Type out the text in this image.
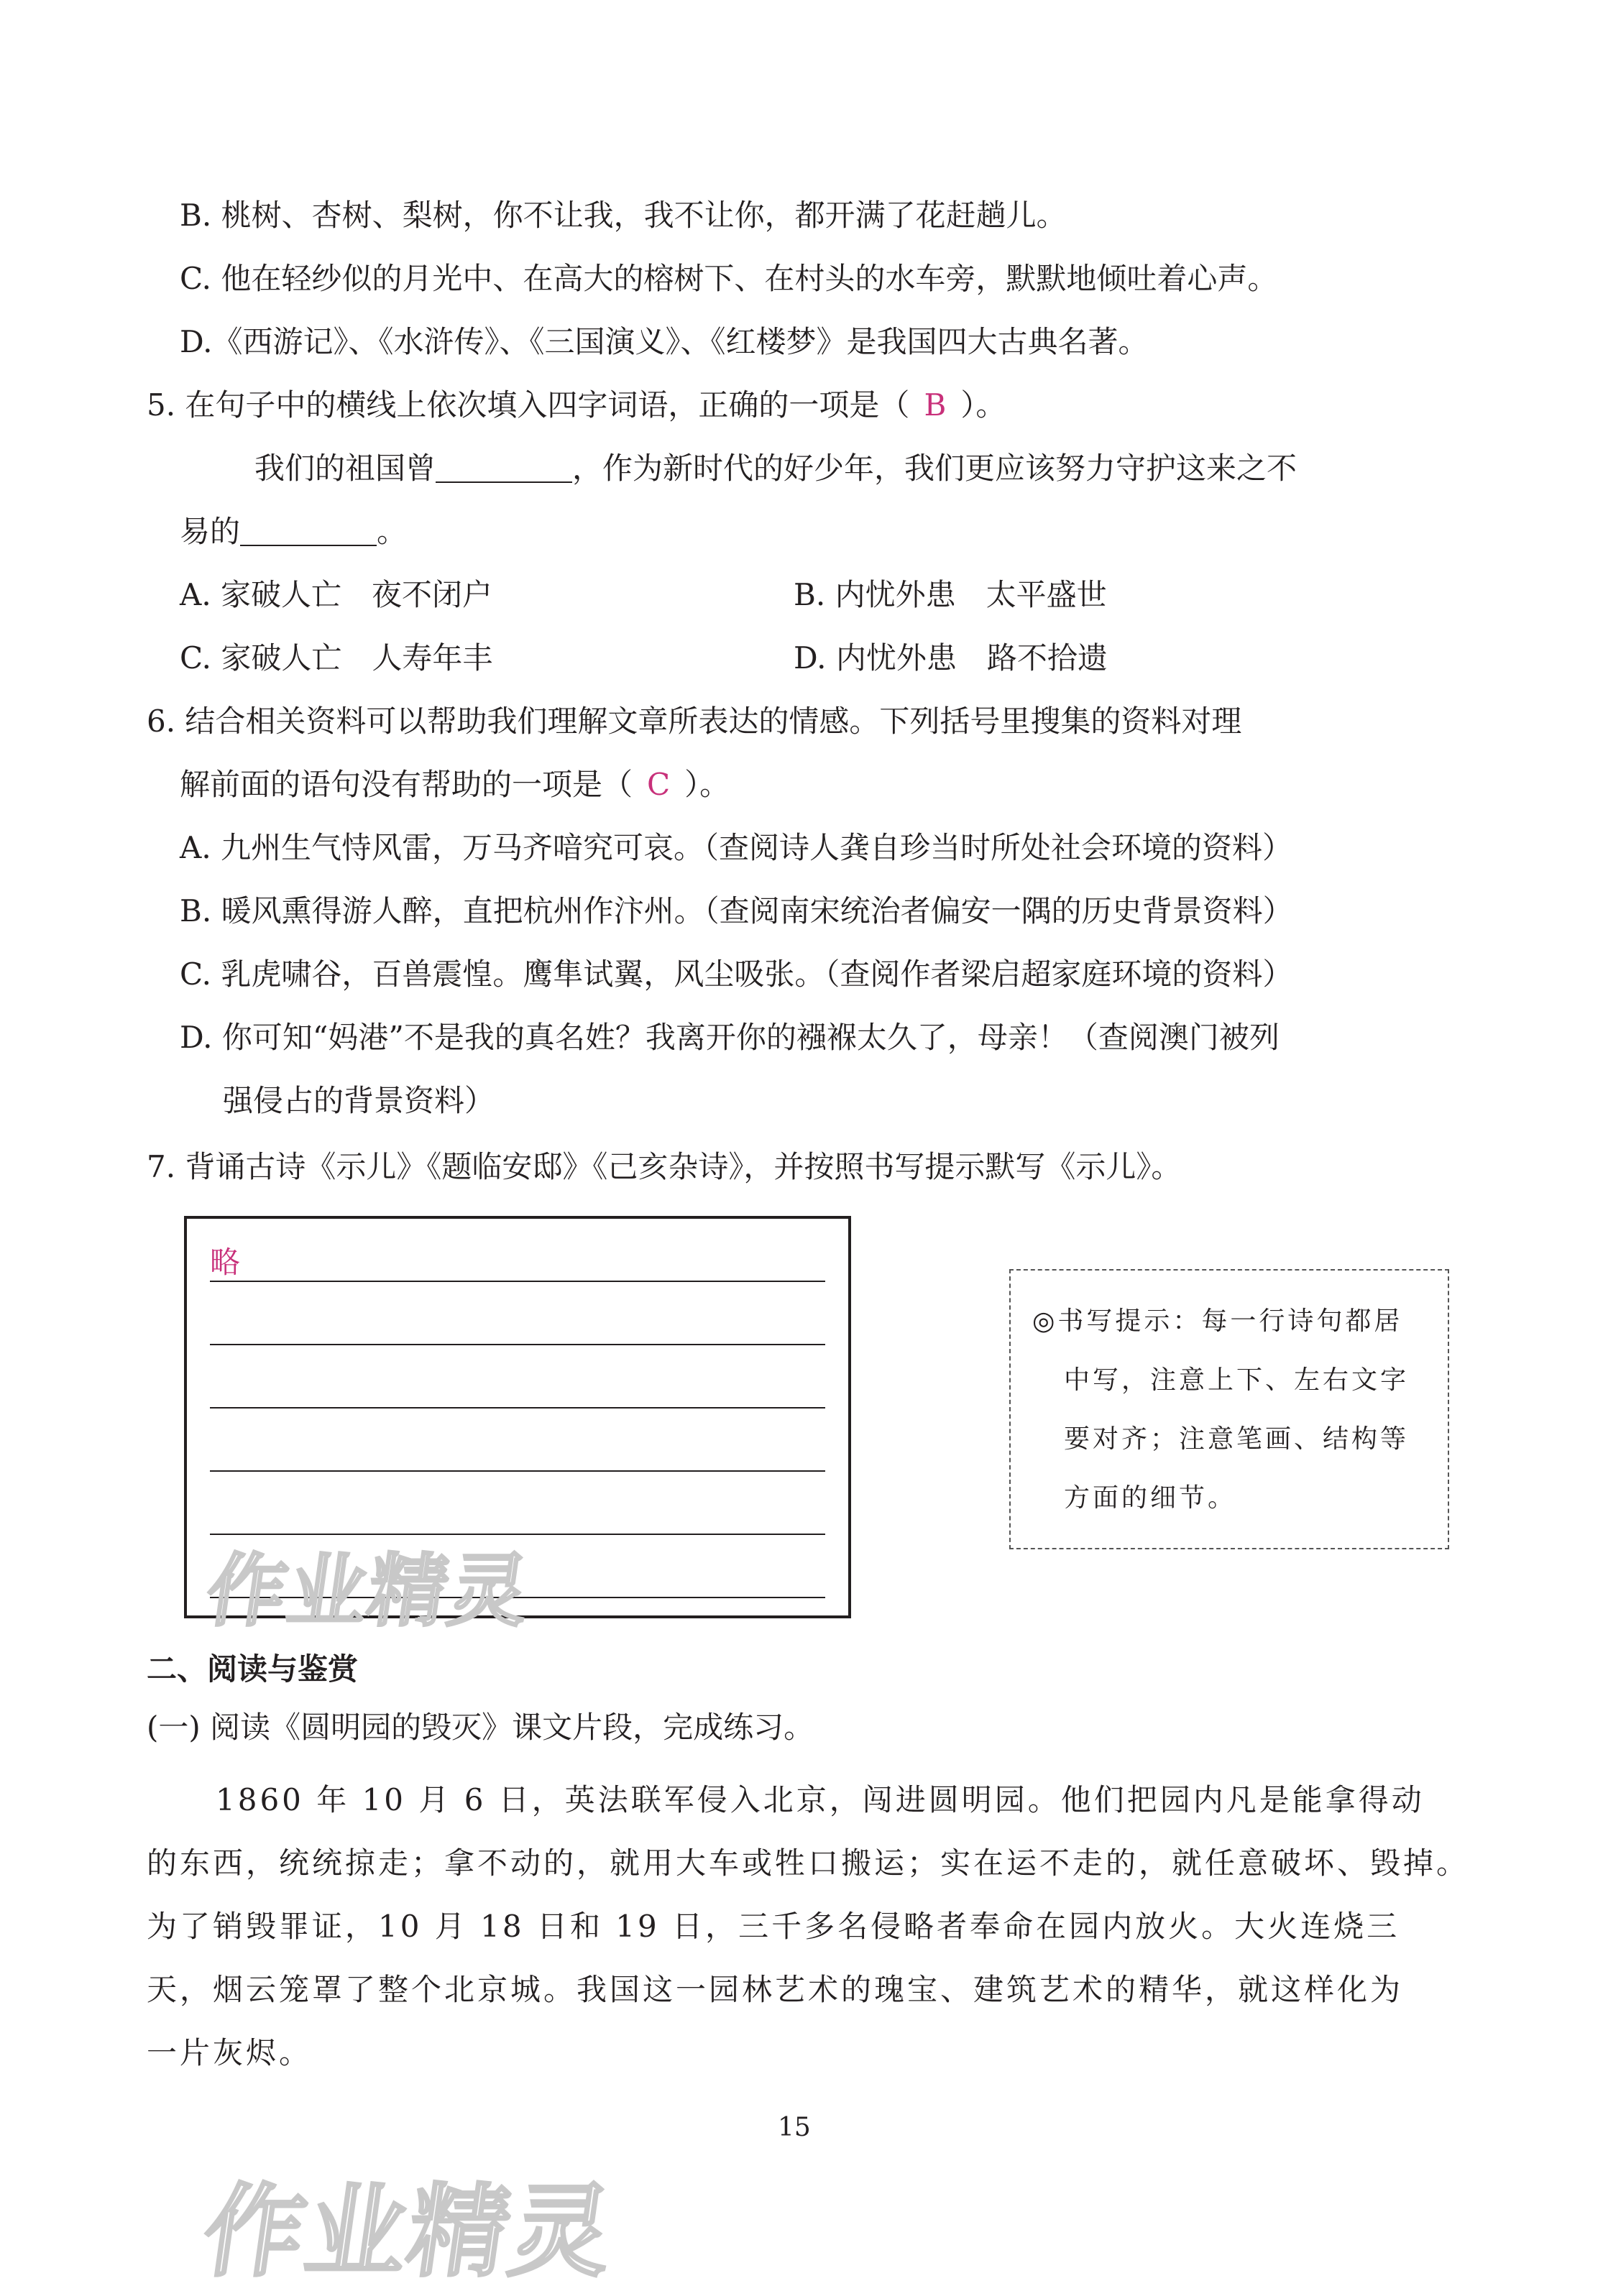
B. 桃树、杏树、梨树，你不让我，我不让你，都开满了花赶趟儿。
C. 他在轻纱似的月光中、在高大的榕树下、在村头的水车旁，默默地倾吐着心声。
D.《西游记》、《水浒传》、《三国演义》、《红楼梦》是我国四大古典名著。
5. 在句子中的横线上依次填入四字词语，正确的一项是（ B ）。
我们的祖国曾	，作为新时代的好少年，我们更应该努力守护这来之不
易的	。
A. 家破人亡　夜不闭户	B. 内忧外患　太平盛世
C. 家破人亡　人寿年丰	D. 内忧外患　路不拾遗
6. 结合相关资料可以帮助我们理解文章所表达的情感。下列括号里搜集的资料对理
解前面的语句没有帮助的一项是（ C ）。
A. 九州生气恃风雷，万马齐喑究可哀。（查阅诗人龚自珍当时所处社会环境的资料）
B. 暖风熏得游人醉，直把杭州作汴州。（查阅南宋统治者偏安一隅的历史背景资料）
C. 乳虎啸谷，百兽震惶。鹰隼试翼，风尘吸张。（查阅作者梁启超家庭环境的资料）
D. 你可知“妈港”不是我的真名姓？我离开你的襁褓太久了，母亲！（查阅澳门被列
强侵占的背景资料）
7. 背诵古诗《示儿》《题临安邸》《己亥杂诗》，并按照书写提示默写《示儿》。
略
◎书写提示：每一行诗句都居
中写，注意上下、左右文字
要对齐；注意笔画、结构等
方面的细节。
二、阅读与鉴赏
(一) 阅读《圆明园的毁灭》课文片段，完成练习。
1860 年 10 月 6 日，英法联军侵入北京，闯进圆明园。他们把园内凡是能拿得动
的东西，统统掠走；拿不动的，就用大车或牲口搬运；实在运不走的，就任意破坏、毁掉。
为了销毁罪证，10 月 18 日和 19 日，三千多名侵略者奉命在园内放火。大火连烧三
天，烟云笼罩了整个北京城。我国这一园林艺术的瑰宝、建筑艺术的精华，就这样化为
一片灰烬。
15
作业精灵
作业精灵
